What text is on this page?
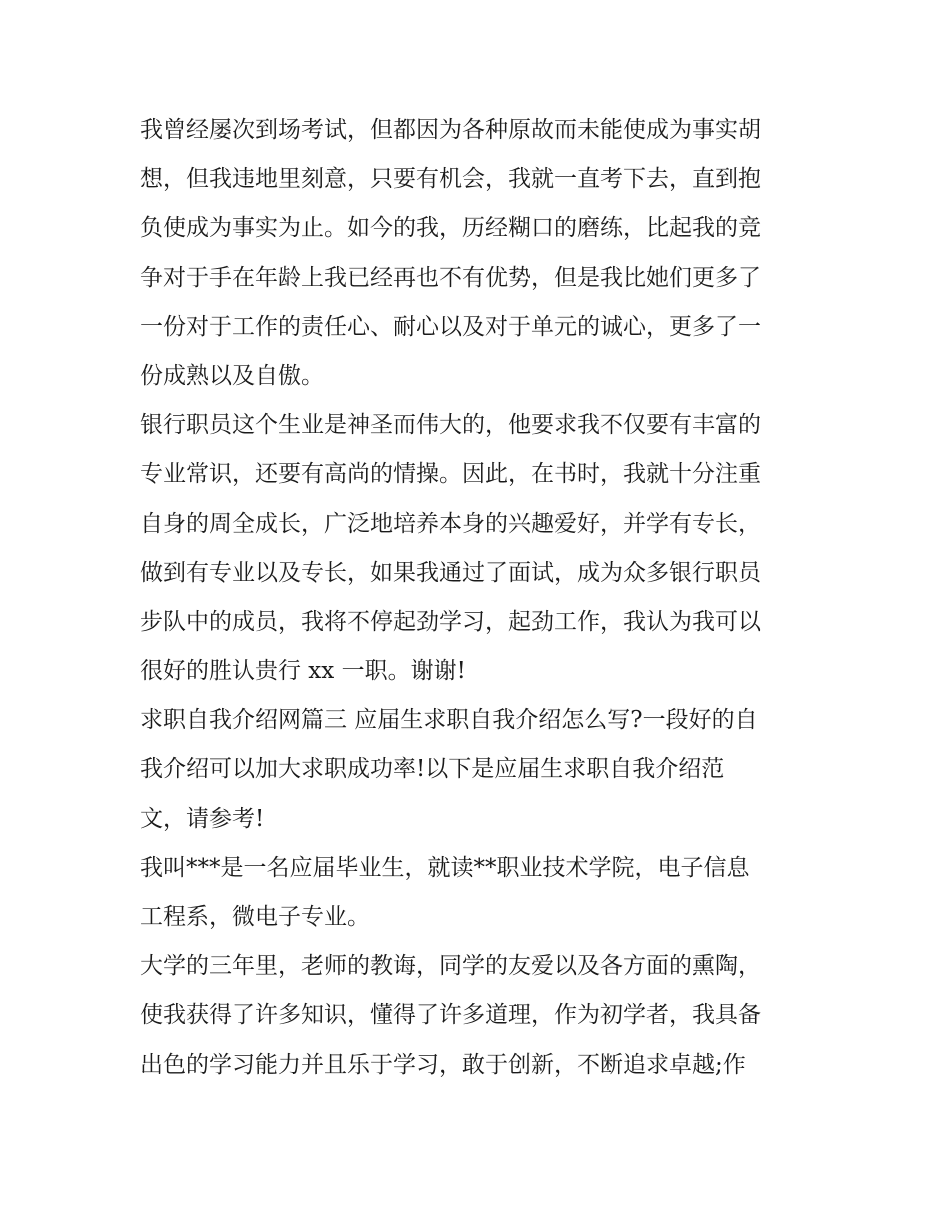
我曾经屡次到场考试，但都因为各种原故而未能使成为事实胡
想，但我违地里刻意，只要有机会，我就一直考下去，直到抱
负使成为事实为止。如今的我，历经糊口的磨练，比起我的竞
争对于手在年龄上我已经再也不有优势，但是我比她们更多了
一份对于工作的责任心、耐心以及对于单元的诚心，更多了一
份成熟以及自傲。
银行职员这个生业是神圣而伟大的，他要求我不仅要有丰富的
专业常识，还要有高尚的情操。因此，在书时，我就十分注重
自身的周全成长，广泛地培养本身的兴趣爱好，并学有专长，
做到有专业以及专长，如果我通过了面试，成为众多银行职员
步队中的成员，我将不停起劲学习，起劲工作，我认为我可以
很好的胜认贵行 xx 一职。谢谢!
求职自我介绍网篇三 应届生求职自我介绍怎么写?一段好的自
我介绍可以加大求职成功率!以下是应届生求职自我介绍范
文，请参考!
我叫***是一名应届毕业生，就读**职业技术学院，电子信息
工程系，微电子专业。
大学的三年里，老师的教诲，同学的友爱以及各方面的熏陶，
使我获得了许多知识，懂得了许多道理，作为初学者，我具备
出色的学习能力并且乐于学习，敢于创新，不断追求卓越;作
